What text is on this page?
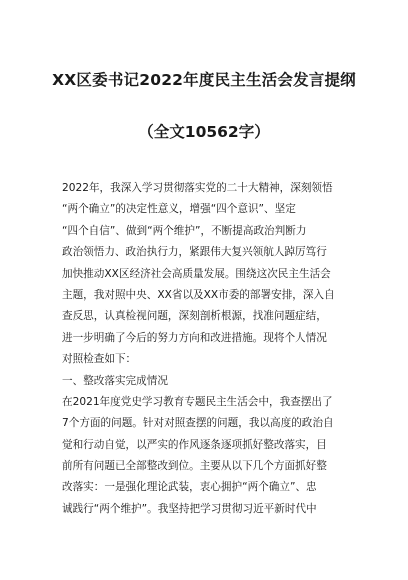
XX区委书记2022年度民主生活会发言提纲
（全文10562字）
2022年，我深入学习贯彻落实党的二十大精神，深刻领悟
“两个确立”的决定性意义，增强“四个意识”、坚定
“四个自信”、做到“两个维护”，不断提高政治判断力
政治领悟力、政治执行力，紧跟伟大复兴领航人踔厉笃行
加快推动XX区经济社会高质量发展。围绕这次民主生活会
主题，我对照中央、XX省以及XX市委的部署安排，深入自
查反思，认真检视问题，深刻剖析根源，找准问题症结，
进一步明确了今后的努力方向和改进措施。现将个人情况
对照检查如下：
一、整改落实完成情况
在2021年度党史学习教育专题民主生活会中，我查摆出了
7个方面的问题。针对对照查摆的问题，我以高度的政治自
觉和行动自觉，以严实的作风逐条逐项抓好整改落实，目
前所有问题已全部整改到位。主要从以下几个方面抓好整
改落实：一是强化理论武装，衷心拥护“两个确立”、忠
诚践行“两个维护”。我坚持把学习贯彻习近平新时代中
